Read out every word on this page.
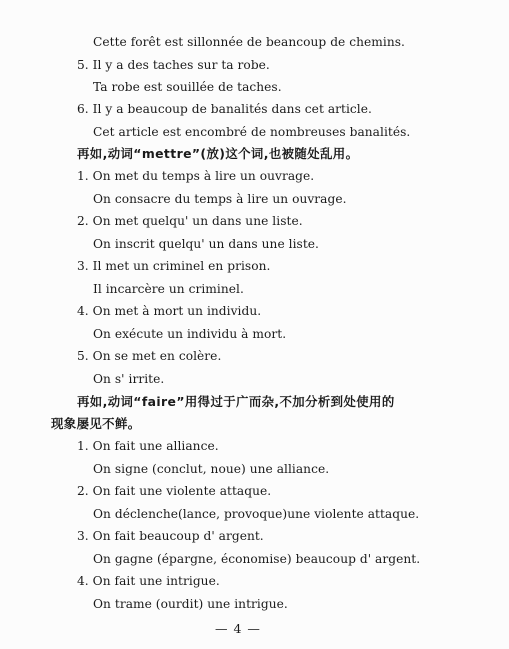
Cette forêt est sillonnée de beancoup de chemins.
5. Il y a des taches sur ta robe.
Ta robe est souillée de taches.
6. Il y a beaucoup de banalités dans cet article.
Cet article est encombré de nombreuses banalités.
再如,动词“mettre”(放)这个词,也被随处乱用。
1. On met du temps à lire un ouvrage.
On consacre du temps à lire un ouvrage.
2. On met quelqu' un dans une liste.
On inscrit quelqu' un dans une liste.
3. Il met un criminel en prison.
Il incarcère un criminel.
4. On met à mort un individu.
On exécute un individu à mort.
5. On se met en colère.
On s' irrite.
再如,动词“faire”用得过于广而杂,不加分析到处使用的
现象屡见不鲜。
1. On fait une alliance.
On signe (conclut, noue) une alliance.
2. On fait une violente attaque.
On déclenche(lance, provoque)une violente attaque.
3. On fait beaucoup d' argent.
On gagne (épargne, économise) beaucoup d' argent.
4. On fait une intrigue.
On trame (ourdit) une intrigue.
— 4 —
